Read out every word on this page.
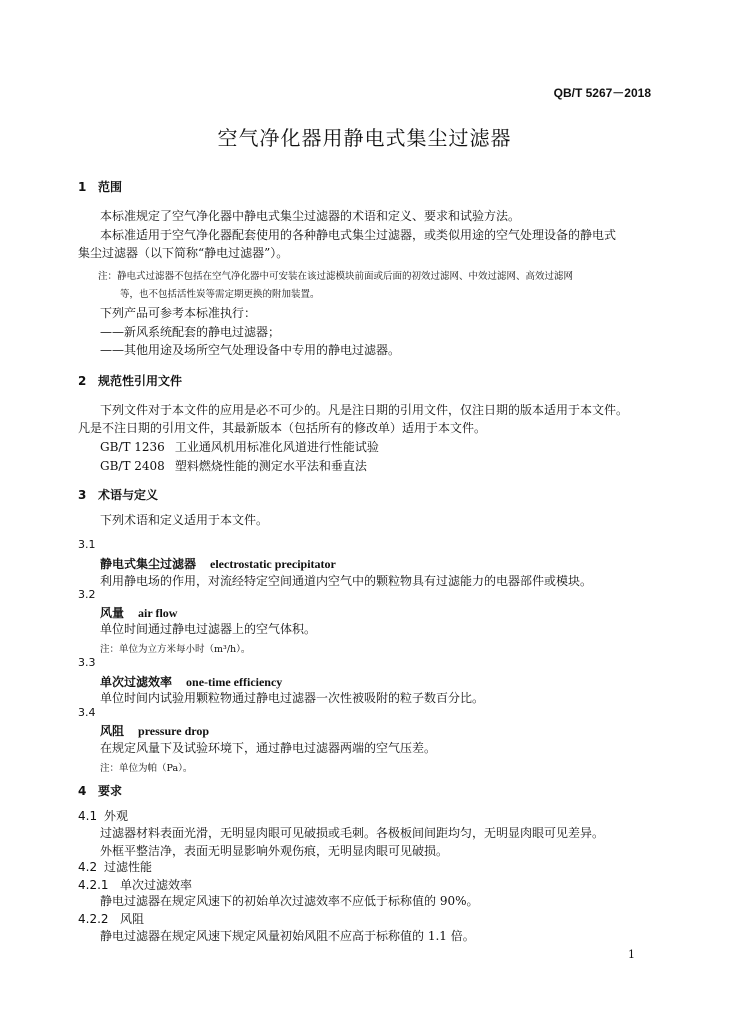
QB/T 5267－2018
空气净化器用静电式集尘过滤器
1 范围
本标准规定了空气净化器中静电式集尘过滤器的术语和定义、要求和试验方法。
本标准适用于空气净化器配套使用的各种静电式集尘过滤器，或类似用途的空气处理设备的静电式
集尘过滤器（以下简称“静电过滤器”）。
注：静电式过滤器不包括在空气净化器中可安装在该过滤模块前面或后面的初效过滤网、中效过滤网、高效过滤网
等，也不包括活性炭等需定期更换的附加装置。
下列产品可参考本标准执行：
——新风系统配套的静电过滤器；
——其他用途及场所空气处理设备中专用的静电过滤器。
2 规范性引用文件
下列文件对于本文件的应用是必不可少的。凡是注日期的引用文件，仅注日期的版本适用于本文件。
凡是不注日期的引用文件，其最新版本（包括所有的修改单）适用于本文件。
GB/T 1236 工业通风机用标准化风道进行性能试验
GB/T 2408 塑料燃烧性能的测定水平法和垂直法
3 术语与定义
下列术语和定义适用于本文件。
3.1
静电式集尘过滤器 electrostatic precipitator
利用静电场的作用，对流经特定空间通道内空气中的颗粒物具有过滤能力的电器部件或模块。
3.2
风量 air flow
单位时间通过静电过滤器上的空气体积。
注：单位为立方米每小时（m³/h）。
3.3
单次过滤效率 one-time efficiency
单位时间内试验用颗粒物通过静电过滤器一次性被吸附的粒子数百分比。
3.4
风阻 pressure drop
在规定风量下及试验环境下，通过静电过滤器两端的空气压差。
注：单位为帕（Pa）。
4 要求
4.1 外观
过滤器材料表面光滑，无明显肉眼可见破损或毛刺。各极板间间距均匀，无明显肉眼可见差异。
外框平整洁净，表面无明显影响外观伤痕，无明显肉眼可见破损。
4.2 过滤性能
4.2.1 单次过滤效率
静电过滤器在规定风速下的初始单次过滤效率不应低于标称值的 90%。
4.2.2 风阻
静电过滤器在规定风速下规定风量初始风阻不应高于标称值的 1.1 倍。
1
